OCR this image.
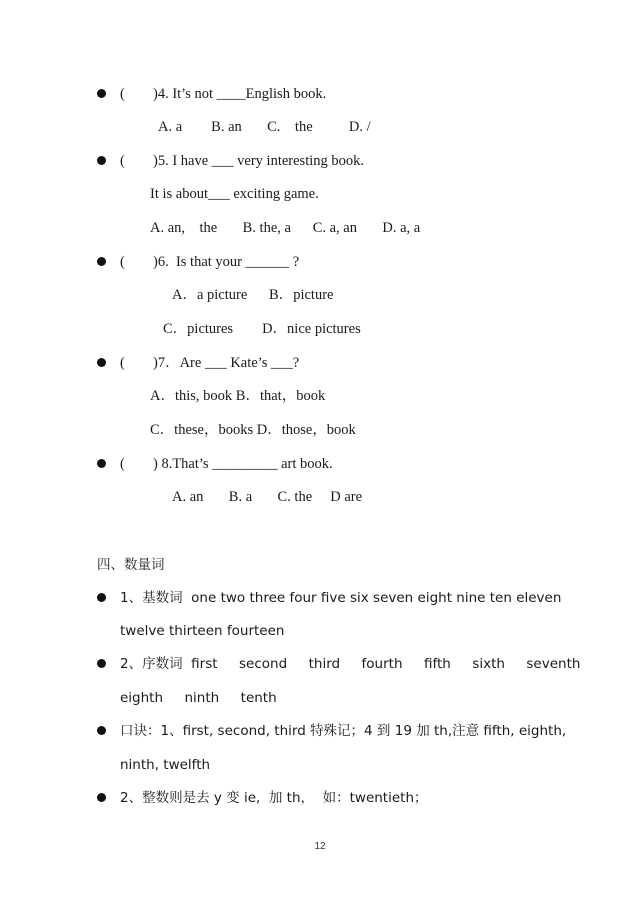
( )4. It’s not ____English book.
A. a        B. an       C.    the          D. /
( )5. I have ___ very interesting book.
It is about___ exciting game.
A. an,    the       B. the, a      C. a, an       D. a, a
( )6.  Is that your ______ ?
A．a picture      B．picture
C．pictures        D．nice pictures
( )7．Are ___ Kate’s ___?
A．this, book B．that，book
C．these，books D．those，book
( ) 8.That’s _________ art book.
A. an       B. a       C. the     D are
四、数量词
1、基数词  one two three four five six seven eight nine ten eleven
twelve thirteen fourteen
2、序数词  first     second     third     fourth     fifth     sixth     seventh
eighth     ninth     tenth
口诀：1、first, second, third 特殊记；4 到 19 加 th,注意 fifth, eighth,
ninth, twelfth
2、整数则是去 y 变 ie,  加 th，  如：twentieth；
12
